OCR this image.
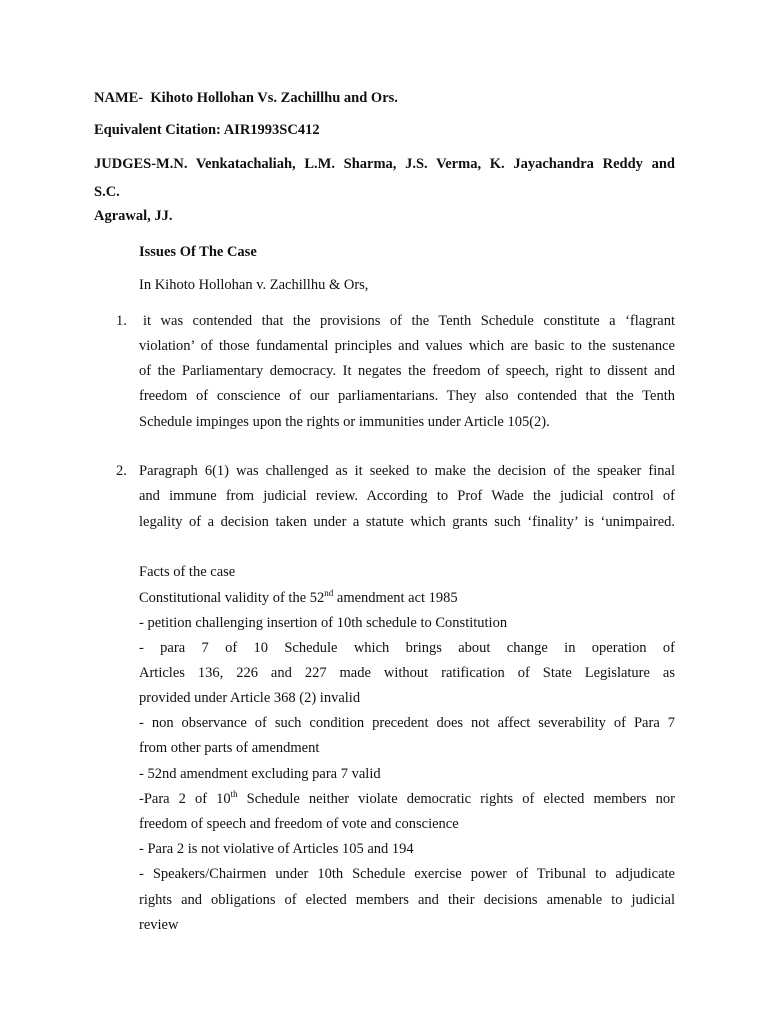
NAME- Kihoto Hollohan Vs. Zachillhu and Ors.
Equivalent Citation: AIR1993SC412
JUDGES-M.N. Venkatachaliah, L.M. Sharma, J.S. Verma, K. Jayachandra Reddy and
S.C.
Agrawal, JJ.
Issues Of The Case
In Kihoto Hollohan v. Zachillhu & Ors,
1. it was contended that the provisions of the Tenth Schedule constitute a ‘flagrant
violation’ of those fundamental principles and values which are basic to the sustenance
of the Parliamentary democracy. It negates the freedom of speech, right to dissent and
freedom of conscience of our parliamentarians. They also contended that the Tenth
Schedule impinges upon the rights or immunities under Article 105(2).
2. Paragraph 6(1) was challenged as it seeked to make the decision of the speaker final
and immune from judicial review. According to Prof Wade the judicial control of
legality of a decision taken under a statute which grants such ‘finality’ is ‘unimpaired.
Facts of the case
Constitutional validity of the 52nd amendment act 1985
- petition challenging insertion of 10th schedule to Constitution
- para 7 of 10 Schedule which brings about change in operation of
Articles 136, 226 and 227 made without ratification of State Legislature as
provided under Article 368 (2) invalid
- non observance of such condition precedent does not affect severability of Para 7
from other parts of amendment
- 52nd amendment excluding para 7 valid
-Para 2 of 10th Schedule neither violate democratic rights of elected members nor
freedom of speech and freedom of vote and conscience
- Para 2 is not violative of Articles 105 and 194
- Speakers/Chairmen under 10th Schedule exercise power of Tribunal to adjudicate
rights and obligations of elected members and their decisions amenable to judicial
review
